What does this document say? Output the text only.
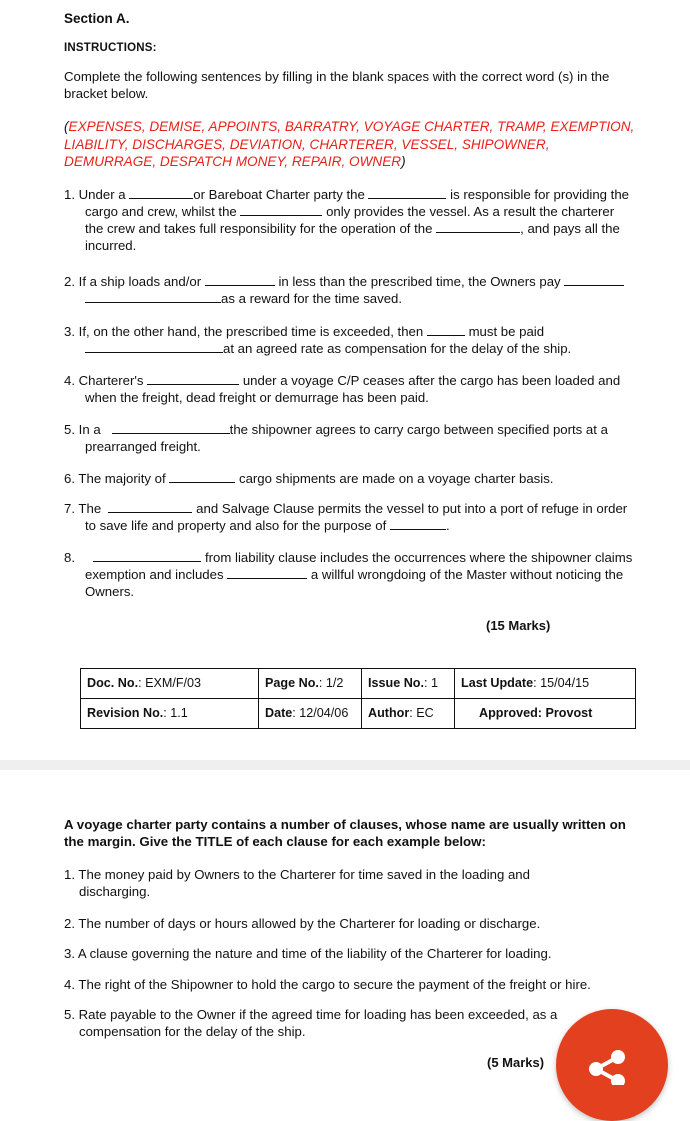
Section A.
INSTRUCTIONS:
Complete the following sentences by filling in the blank spaces with the correct word (s) in the
bracket below.
(EXPENSES, DEMISE, APPOINTS, BARRATRY, VOYAGE CHARTER, TRAMP, EXEMPTION,
LIABILITY, DISCHARGES, DEVIATION, CHARTERER, VESSEL, SHIPOWNER,
DEMURRAGE, DESPATCH MONEY, REPAIR, OWNER)
1. Under a	or Bareboat Charter party the	is responsible for providing the
cargo and crew, whilst the	only provides the vessel. As a result the charterer
the crew and takes full responsibility for the operation of the	, and pays all the
incurred.
2. If a ship loads and/or	in less than the prescribed time, the Owners pay
as a reward for the time saved.
3. If, on the other hand, the prescribed time is exceeded, then	must be paid
at an agreed rate as compensation for the delay of the ship.
4. Charterer's	under a voyage C/P ceases after the cargo has been loaded and
when the freight, dead freight or demurrage has been paid.
5. In a	the shipowner agrees to carry cargo between specified ports at a
prearranged freight.
6. The majority of	cargo shipments are made on a voyage charter basis.
7. The	and Salvage Clause permits the vessel to put into a port of refuge in order
to save life and property and also for the purpose of	.
8.	from liability clause includes the occurrences where the shipowner claims
exemption and includes	a willful wrongdoing of the Master without noticing the
Owners.
(15 Marks)
Doc. No.: EXM/F/03	Page No.: 1/2	Issue No.: 1	Last Update: 15/04/15
Revision No.: 1.1	Date: 12/04/06	Author: EC	Approved: Provost
A voyage charter party contains a number of clauses, whose name are usually written on
the margin. Give the TITLE of each clause for each example below:
1. The money paid by Owners to the Charterer for time saved in the loading and
discharging.
2. The number of days or hours allowed by the Charterer for loading or discharge.
3. A clause governing the nature and time of the liability of the Charterer for loading.
4. The right of the Shipowner to hold the cargo to secure the payment of the freight or hire.
5. Rate payable to the Owner if the agreed time for loading has been exceeded, as a
compensation for the delay of the ship.
(5 Marks)
